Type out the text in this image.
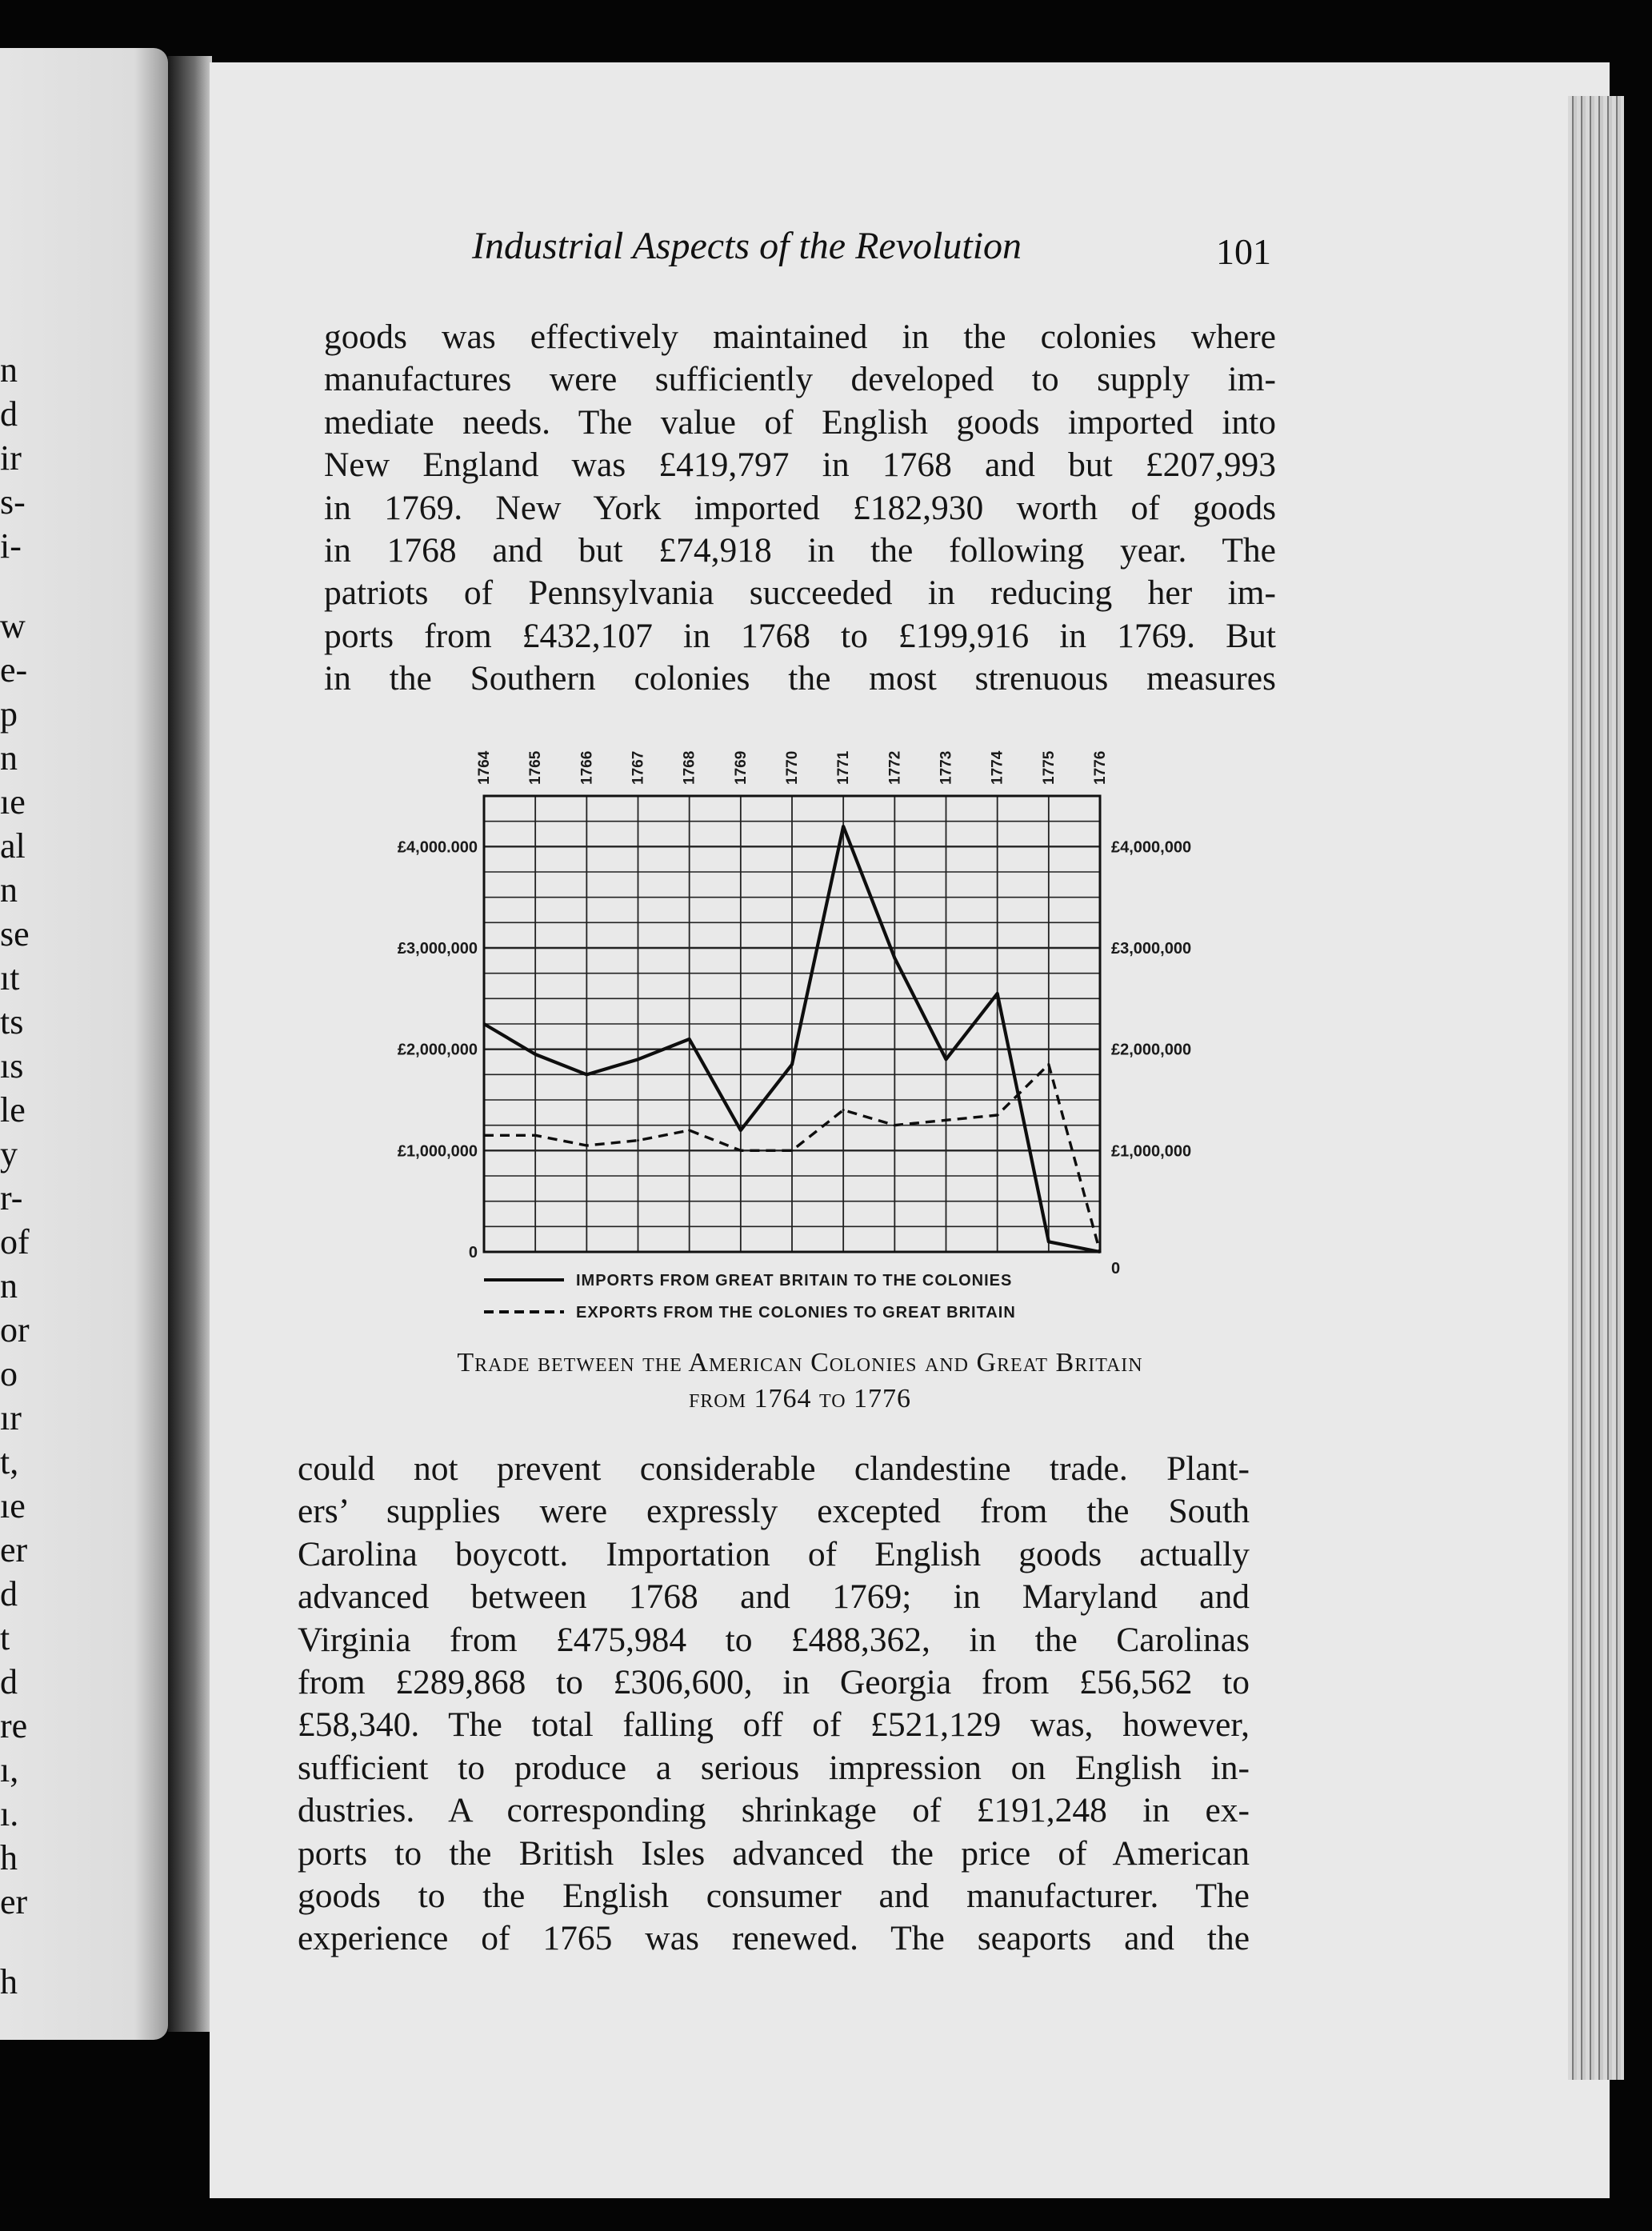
n
d
ir
s-
i-
w
e-
p
n
ıe
al
n
se
ıt
ts
ıs
le
y
r-
of
n
or
o
ır
t,
ıe
er
d
t
d
re
ı,
ı.
h
er
h
Industrial Aspects of the Revolution	101

goods was effectively maintained in the colonies where

manufactures were sufficiently developed to supply im-

mediate needs. The value of English goods imported into

New England was £419,797 in 1768 and but £207,993

in 1769. New York imported £182,930 worth of goods

in 1768 and but £74,918 in the following year. The

patriots of Pennsylvania succeeded in reducing her im-

ports from £432,107 in 1768 to £199,916 in 1769. But

in the Southern colonies the most strenuous measures

1764 1765 1766 1767 1768 1769 1770 1771 1772 1773 1774 1775 1776
£4,000.000	£4,000,000
£3,000,000	£3,000,000
£2,000,000	£2,000,000
£1,000,000	£1,000,000
0
0
IMPORTS FROM GREAT BRITAIN TO THE COLONIES
EXPORTS FROM THE COLONIES TO GREAT BRITAIN
Trade between the American Colonies and Great Britain
from 1764 to 1776

could not prevent considerable clandestine trade. Plant-

ers’ supplies were expressly excepted from the South

Carolina boycott. Importation of English goods actually

advanced between 1768 and 1769; in Maryland and

Virginia from £475,984 to £488,362, in the Carolinas

from £289,868 to £306,600, in Georgia from £56,562 to

£58,340. The total falling off of £521,129 was, however,

sufficient to produce a serious impression on English in-

dustries. A corresponding shrinkage of £191,248 in ex-

ports to the British Isles advanced the price of American

goods to the English consumer and manufacturer. The

experience of 1765 was renewed. The seaports and the
